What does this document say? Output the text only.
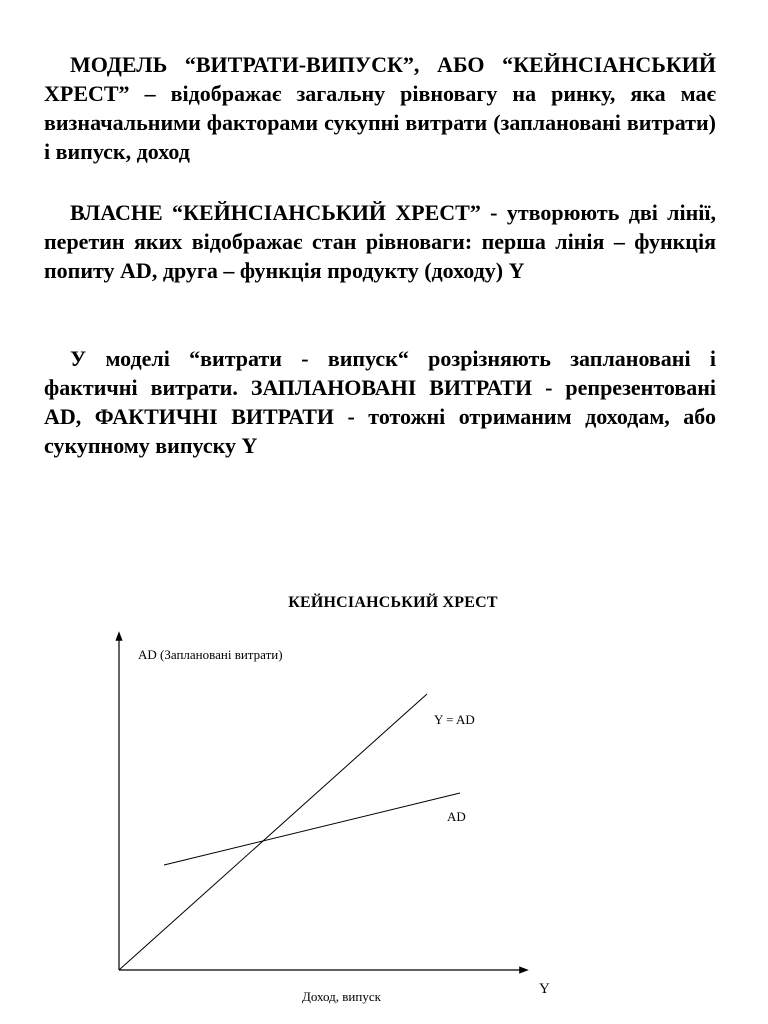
МОДЕЛЬ “ВИТРАТИ-ВИПУСК”, АБО “КЕЙНСІАНСЬКИЙ ХРЕСТ” – відображає загальну рівновагу на ринку, яка має визначальними факторами сукупні витрати (заплановані витрати) і випуск, доход

ВЛАСНЕ “КЕЙНСІАНСЬКИЙ ХРЕСТ” - утворюють дві лінії, перетин яких відображає стан рівноваги: перша лінія – функція попиту AD, друга – функція продукту (доходу) Y

У моделі “витрати - випуск“ розрізняють заплановані і фактичні витрати. ЗАПЛАНОВАНІ ВИТРАТИ - репрезентовані AD, ФАКТИЧНІ ВИТРАТИ - тотожні отриманим доходам, або сукупному випуску Y

КЕЙНСІАНСЬКИЙ ХРЕСТ
AD (Заплановані витрати)
Y = AD
AD
Доход, випуск	Y
